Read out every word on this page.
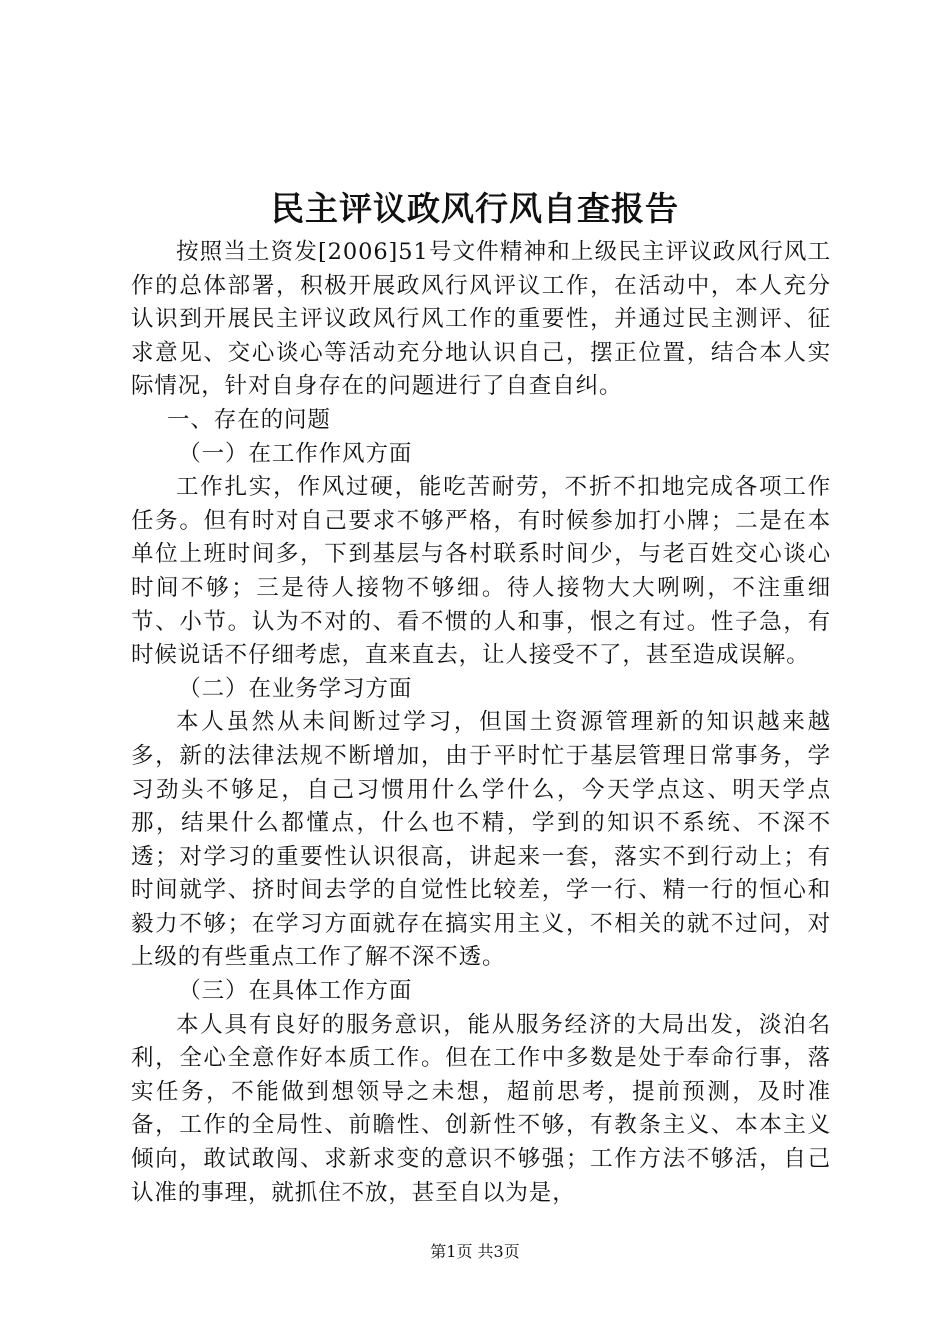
民主评议政风行风自查报告

按照当土资发[2006]51号文件精神和上级民主评议政风行风工作的总体部署，积极开展政风行风评议工作，在活动中，本人充分认识到开展民主评议政风行风工作的重要性，并通过民主测评、征求意见、交心谈心等活动充分地认识自己，摆正位置，结合本人实际情况，针对自身存在的问题进行了自查自纠。

一、存在的问题

（一）在工作作风方面

工作扎实，作风过硬，能吃苦耐劳，不折不扣地完成各项工作任务。但有时对自己要求不够严格，有时候参加打小牌；二是在本单位上班时间多，下到基层与各村联系时间少，与老百姓交心谈心时间不够；三是待人接物不够细。待人接物大大咧咧，不注重细节、小节。认为不对的、看不惯的人和事，恨之有过。性子急，有时候说话不仔细考虑，直来直去，让人接受不了，甚至造成误解。

（二）在业务学习方面

本人虽然从未间断过学习，但国土资源管理新的知识越来越多，新的法律法规不断增加，由于平时忙于基层管理日常事务，学习劲头不够足，自己习惯用什么学什么，今天学点这、明天学点那，结果什么都懂点，什么也不精，学到的知识不系统、不深不透；对学习的重要性认识很高，讲起来一套，落实不到行动上；有时间就学、挤时间去学的自觉性比较差，学一行、精一行的恒心和毅力不够；在学习方面就存在搞实用主义，不相关的就不过问，对上级的有些重点工作了解不深不透。

（三）在具体工作方面

本人具有良好的服务意识，能从服务经济的大局出发，淡泊名利，全心全意作好本质工作。但在工作中多数是处于奉命行事，落实任务，不能做到想领导之未想，超前思考，提前预测，及时准备，工作的全局性、前瞻性、创新性不够，有教条主义、本本主义倾向，敢试敢闯、求新求变的意识不够强；工作方法不够活，自己认准的事理，就抓住不放，甚至自以为是，

第1页 共3页
